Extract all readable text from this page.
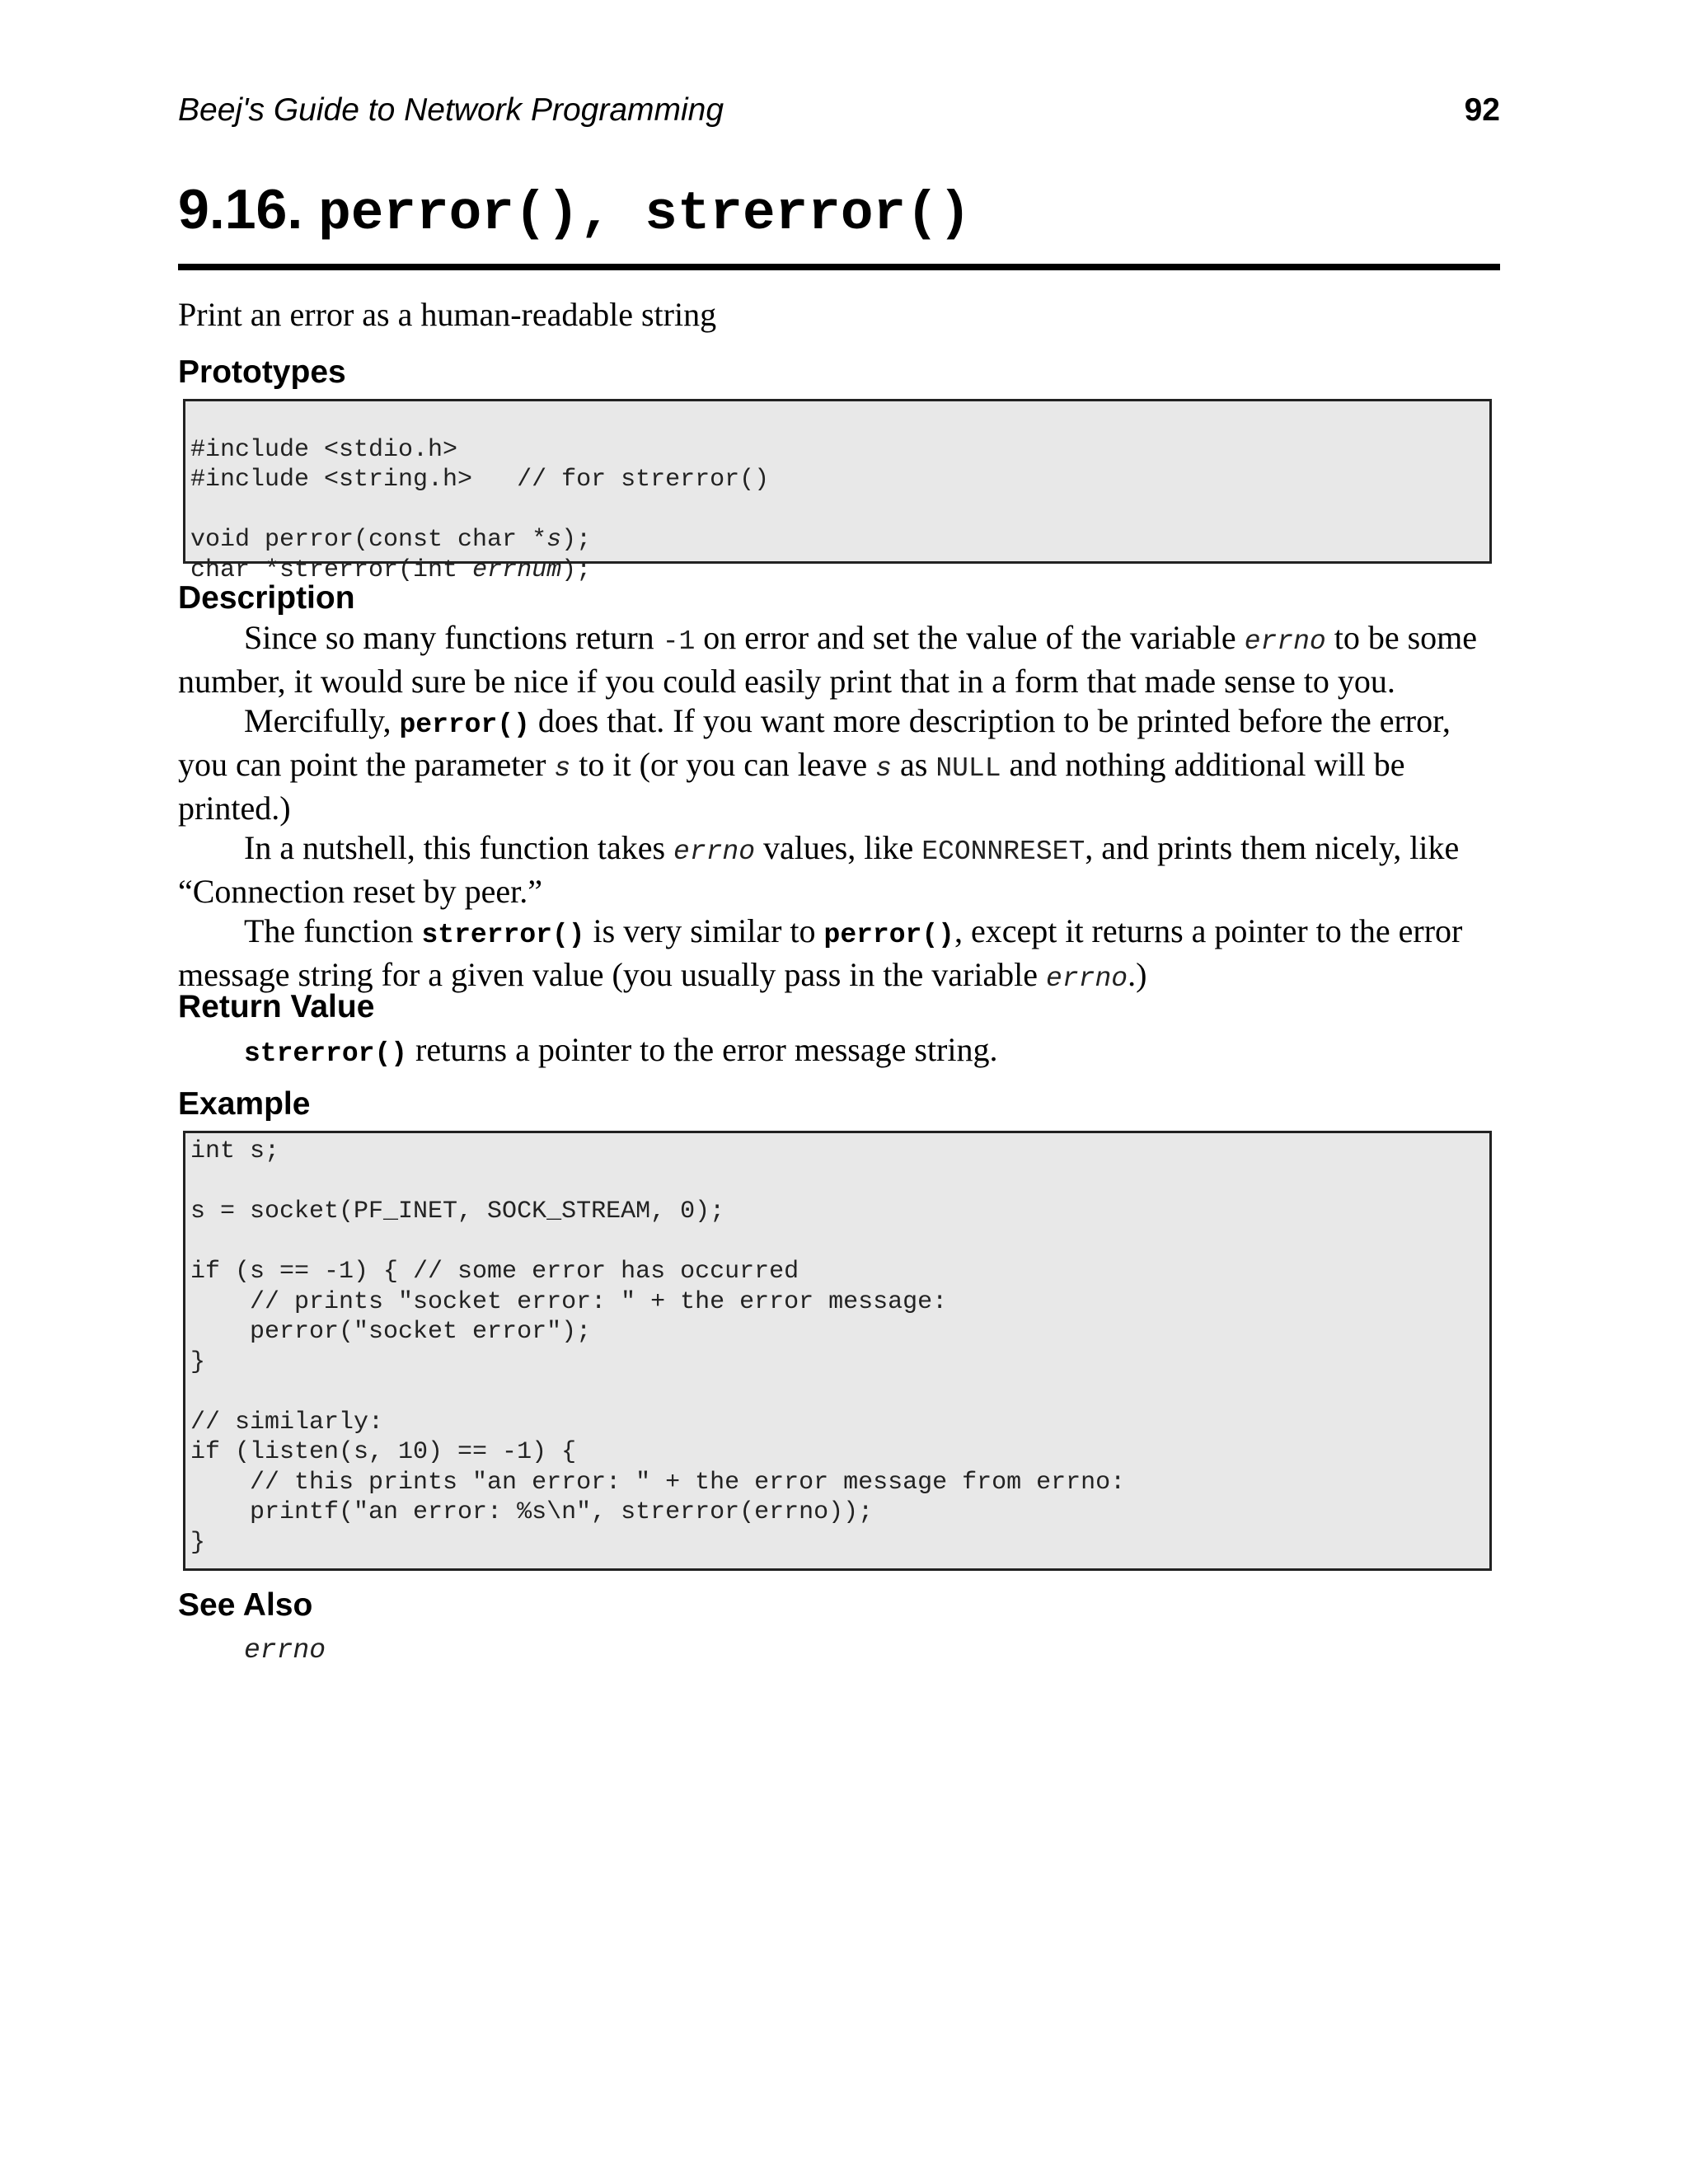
Beej's Guide to Network Programming	92
9.16. perror(), strerror()
Print an error as a human-readable string
Prototypes

#include <stdio.h>
#include <string.h>   // for strerror()
void perror(const char *s);
char *strerror(int errnum);

Description

Since so many functions return -1 on error and set the value of the variable errno to be some number, it would sure be nice if you could easily print that in a form that made sense to you.

Mercifully, perror() does that. If you want more description to be printed before the error, you can point the parameter s to it (or you can leave s as NULL and nothing additional will be printed.)

In a nutshell, this function takes errno values, like ECONNRESET, and prints them nicely, like “Connection reset by peer.”

The function strerror() is very similar to perror(), except it returns a pointer to the error message string for a given value (you usually pass in the variable errno.)

Return Value
strerror() returns a pointer to the error message string.
Example
int s;
s = socket(PF_INET, SOCK_STREAM, 0);
if (s == -1) { // some error has occurred
// prints "socket error: " + the error message:
perror("socket error");
}
// similarly:
if (listen(s, 10) == -1) {
// this prints "an error: " + the error message from errno:
printf("an error: %s\n", strerror(errno));
}
See Also
errno
